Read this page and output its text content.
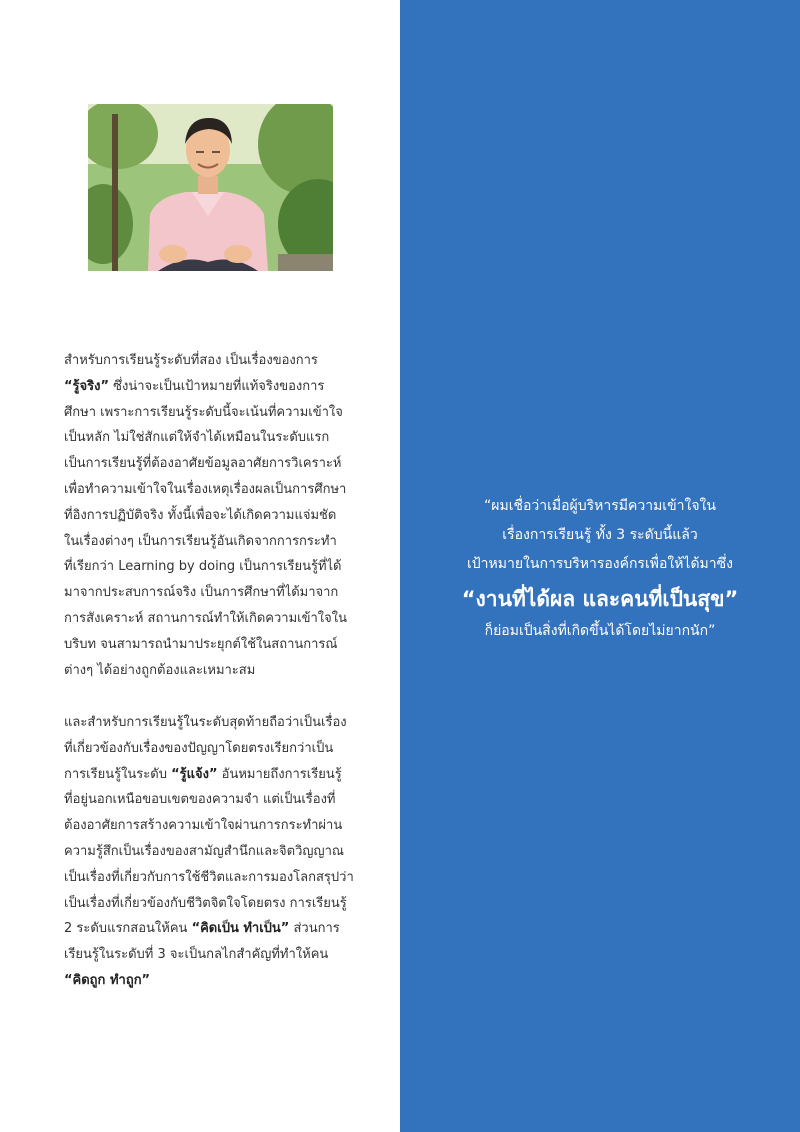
สำหรับการเรียนรู้ระดับที่สอง เป็นเรื่องของการ
“รู้จริง” ซึ่งน่าจะเป็นเป้าหมายที่แท้จริงของการ
ศึกษา เพราะการเรียนรู้ระดับนี้จะเน้นที่ความเข้าใจ
เป็นหลัก ไม่ใช่สักแต่ให้จำได้เหมือนในระดับแรก
เป็นการเรียนรู้ที่ต้องอาศัยข้อมูลอาศัยการวิเคราะห์
เพื่อทำความเข้าใจในเรื่องเหตุเรื่องผลเป็นการศึกษา
ที่อิงการปฏิบัติจริง ทั้งนี้เพื่อจะได้เกิดความแจ่มชัด
ในเรื่องต่างๆ เป็นการเรียนรู้อันเกิดจากการกระทำ
ที่เรียกว่า Learning by doing เป็นการเรียนรู้ที่ได้
มาจากประสบการณ์จริง เป็นการศึกษาที่ได้มาจาก
การสังเคราะห์ สถานการณ์ทำให้เกิดความเข้าใจใน
บริบท จนสามารถนำมาประยุกต์ใช้ในสถานการณ์
ต่างๆ ได้อย่างถูกต้องและเหมาะสม

และสำหรับการเรียนรู้ในระดับสุดท้ายถือว่าเป็นเรื่อง
ที่เกี่ยวข้องกับเรื่องของปัญญาโดยตรงเรียกว่าเป็น
การเรียนรู้ในระดับ “รู้แจ้ง” อันหมายถึงการเรียนรู้
ที่อยู่นอกเหนือขอบเขตของความจำ แต่เป็นเรื่องที่
ต้องอาศัยการสร้างความเข้าใจผ่านการกระทำผ่าน
ความรู้สึกเป็นเรื่องของสามัญสำนึกและจิตวิญญาณ
เป็นเรื่องที่เกี่ยวกับการใช้ชีวิตและการมองโลกสรุปว่า
เป็นเรื่องที่เกี่ยวข้องกับชีวิตจิตใจโดยตรง การเรียนรู้
2 ระดับแรกสอนให้คน “คิดเป็น ทำเป็น” ส่วนการ
เรียนรู้ในระดับที่ 3 จะเป็นกลไกสำคัญที่ทำให้คน
“คิดถูก ทำถูก”

“ผมเชื่อว่าเมื่อผู้บริหารมีความเข้าใจใน
เรื่องการเรียนรู้ ทั้ง 3 ระดับนี้แล้ว
เป้าหมายในการบริหารองค์กรเพื่อให้ได้มาซึ่ง
“งานที่ได้ผล และคนที่เป็นสุข”
ก็ย่อมเป็นสิ่งที่เกิดขึ้นได้โดยไม่ยากนัก”
